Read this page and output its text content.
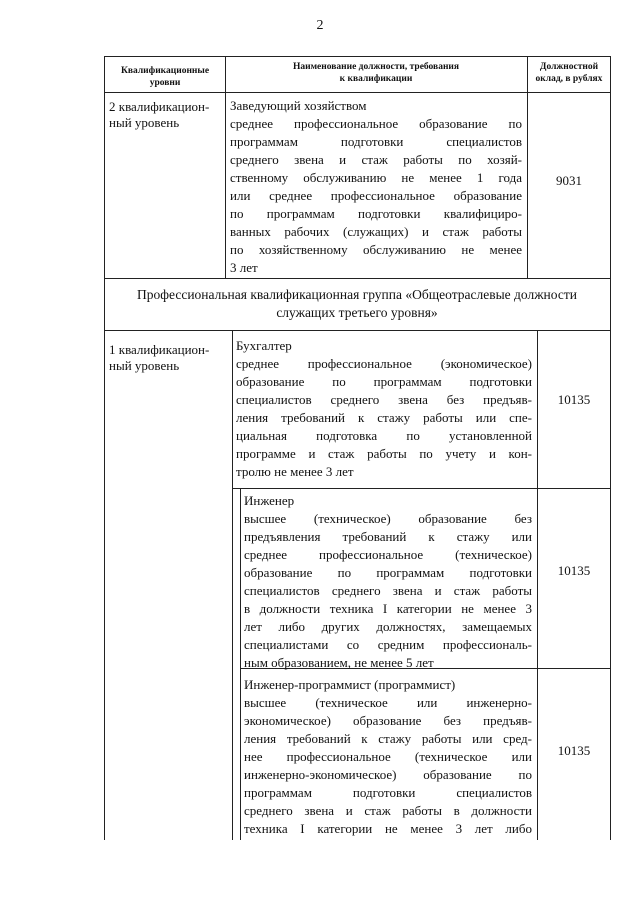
2
Квалификационные
уровни
Наименование должности, требования
к квалификации
Должностной
оклад, в рублях
2 квалификацион-
ный уровень
Заведующий хозяйством
среднее профессиональное образование по
программам подготовки специалистов
среднего звена и стаж работы по хозяй-
ственному обслуживанию не менее 1 года
или среднее профессиональное образование
по программам подготовки квалифициро-
ванных рабочих (служащих) и стаж работы
по хозяйственному обслуживанию не менее
3 лет
9031
Профессиональная квалификационная группа «Общеотраслевые должности
служащих третьего уровня»
1 квалификацион-
ный уровень
Бухгалтер
среднее профессиональное (экономическое)
образование по программам подготовки
специалистов среднего звена без предъяв-
ления требований к стажу работы или спе-
циальная подготовка по установленной
программе и стаж работы по учету и кон-
тролю не менее 3 лет
10135
Инженер
высшее (техническое) образование без
предъявления требований к стажу или
среднее профессиональное (техническое)
образование по программам подготовки
специалистов среднего звена и стаж работы
в должности техника I категории не менее 3
лет либо других должностях, замещаемых
специалистами со средним профессиональ-
ным образованием, не менее 5 лет
10135
Инженер-программист (программист)
высшее (техническое или инженерно-
экономическое) образование без предъяв-
ления требований к стажу работы или сред-
нее профессиональное (техническое или
инженерно-экономическое) образование по
программам подготовки специалистов
среднего звена и стаж работы в должности
техника I категории не менее 3 лет либо
10135
